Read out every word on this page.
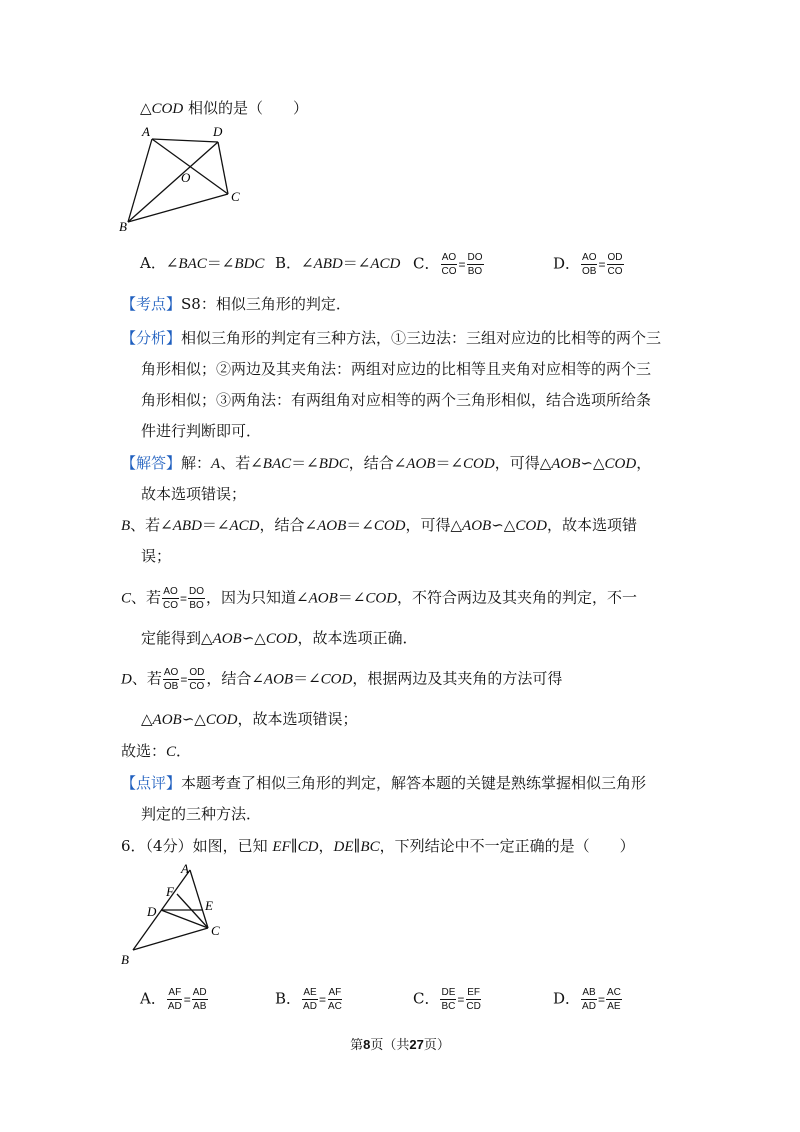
△COD 相似的是（　　）
A	D
O
C
B
A．∠BAC＝∠BDC B．∠ABD＝∠ACD C． $\frac{AO}{CO} = \frac{DO}{BO}$	D． $\frac{AO}{OB} = \frac{OD}{CO}$
【考点】S8：相似三角形的判定．
【分析】相似三角形的判定有三种方法，①三边法：三组对应边的比相等的两个三
角形相似；②两边及其夹角法：两组对应边的比相等且夹角对应相等的两个三
角形相似；③两角法：有两组角对应相等的两个三角形相似，结合选项所给条
件进行判断即可．
【解答】解：A、若∠BAC＝∠BDC，结合∠AOB＝∠COD，可得△AOB∽△COD，
故本选项错误；
B、若∠ABD＝∠ACD，结合∠AOB＝∠COD，可得△AOB∽△COD，故本选项错
误；
C、若 $\frac{AO}{CO} = \frac{DO}{BO}$ ，因为只知道∠AOB＝∠COD，不符合两边及其夹角的判定，不一
定能得到△AOB∽△COD，故本选项正确．
D、若 $\frac{AO}{OB} = \frac{OD}{CO}$ ，结合∠AOB＝∠COD，根据两边及其夹角的方法可得
△AOB∽△COD，故本选项错误；
故选：C．
【点评】本题考查了相似三角形的判定，解答本题的关键是熟练掌握相似三角形
判定的三种方法．
6．（4分）如图，已知 EF∥CD，DE∥BC，下列结论中不一定正确的是（　　）
A
F
E
D
C
B
A． $\frac{AF}{AD} = \frac{AD}{AB}$	B． $\frac{AE}{AD} = \frac{AF}{AC}$	C． $\frac{DE}{BC} = \frac{EF}{CD}$	D． $\frac{AB}{AD} = \frac{AC}{AE}$
第8页（共27页）
